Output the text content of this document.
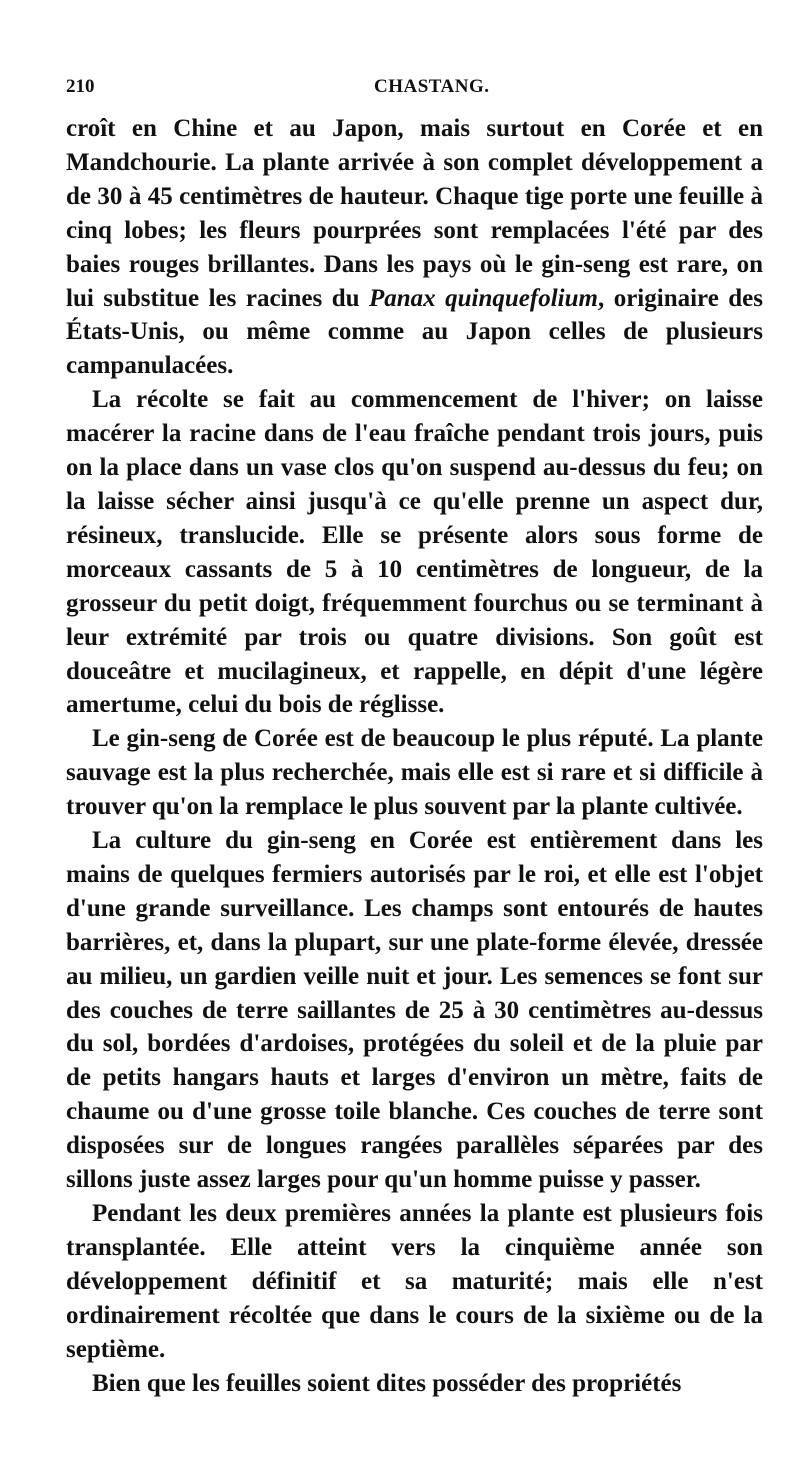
210	CHASTANG.

croît en Chine et au Japon, mais surtout en Corée et en Mandchourie. La plante arrivée à son complet développement a de 30 à 45 centimètres de hauteur. Chaque tige porte une feuille à cinq lobes; les fleurs pourprées sont remplacées l'été par des baies rouges brillantes. Dans les pays où le gin-seng est rare, on lui substitue les racines du Panax quinquefolium, originaire des États-Unis, ou même comme au Japon celles de plusieurs campanulacées.

La récolte se fait au commencement de l'hiver; on laisse macérer la racine dans de l'eau fraîche pendant trois jours, puis on la place dans un vase clos qu'on suspend au-dessus du feu; on la laisse sécher ainsi jusqu'à ce qu'elle prenne un aspect dur, résineux, translucide. Elle se présente alors sous forme de morceaux cassants de 5 à 10 centimètres de longueur, de la grosseur du petit doigt, fréquemment fourchus ou se terminant à leur extrémité par trois ou quatre divisions. Son goût est douceâtre et mucilagineux, et rappelle, en dépit d'une légère amertume, celui du bois de réglisse.

Le gin-seng de Corée est de beaucoup le plus réputé. La plante sauvage est la plus recherchée, mais elle est si rare et si difficile à trouver qu'on la remplace le plus souvent par la plante cultivée.

La culture du gin-seng en Corée est entièrement dans les mains de quelques fermiers autorisés par le roi, et elle est l'objet d'une grande surveillance. Les champs sont entourés de hautes barrières, et, dans la plupart, sur une plate-forme élevée, dressée au milieu, un gardien veille nuit et jour. Les semences se font sur des couches de terre saillantes de 25 à 30 centimètres au-dessus du sol, bordées d'ardoises, protégées du soleil et de la pluie par de petits hangars hauts et larges d'environ un mètre, faits de chaume ou d'une grosse toile blanche. Ces couches de terre sont disposées sur de longues rangées parallèles séparées par des sillons juste assez larges pour qu'un homme puisse y passer.

Pendant les deux premières années la plante est plusieurs fois transplantée. Elle atteint vers la cinquième année son développement définitif et sa maturité; mais elle n'est ordinairement récoltée que dans le cours de la sixième ou de la septième.

Bien que les feuilles soient dites posséder des propriétés
